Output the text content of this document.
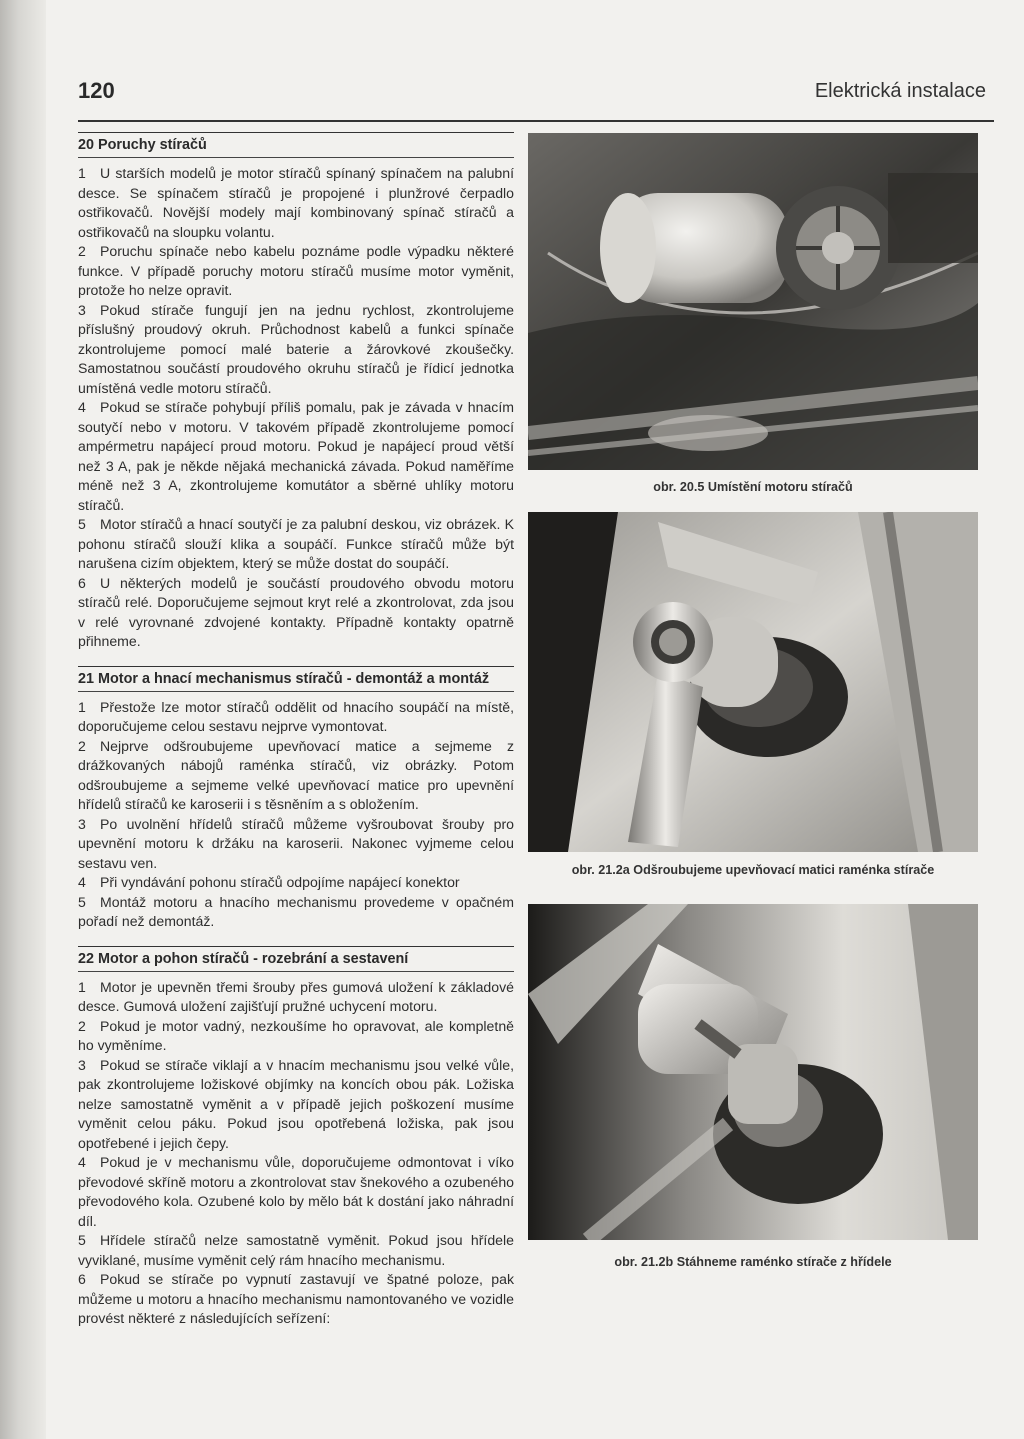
120	Elektrická instalace
20 Poruchy stíračů

1 U starších modelů je motor stíračů spínaný spínačem na palubní desce. Se spínačem stíračů je propojené i plunžrové čerpadlo ostřikovačů. Novější modely mají kombinovaný spínač stíračů a ostřikovačů na sloupku volantu.

2 Poruchu spínače nebo kabelu poznáme podle výpadku některé funkce. V případě poruchy motoru stíračů musíme motor vyměnit, protože ho nelze opravit.

3 Pokud stírače fungují jen na jednu rychlost, zkontrolujeme příslušný proudový okruh. Průchodnost kabelů a funkci spínače zkontrolujeme pomocí malé baterie a žárovkové zkoušečky. Samostatnou součástí proudového okruhu stíračů je řídicí jednotka umístěná vedle motoru stíračů.

4 Pokud se stírače pohybují příliš pomalu, pak je závada v hnacím soutyčí nebo v motoru. V takovém případě zkontrolujeme pomocí ampérmetru napájecí proud motoru. Pokud je napájecí proud větší než 3 A, pak je někde nějaká mechanická závada. Pokud naměříme méně než 3 A, zkontrolujeme komutátor a sběrné uhlíky motoru stíračů.

5 Motor stíračů a hnací soutyčí je za palubní deskou, viz obrázek. K pohonu stíračů slouží klika a soupáčí. Funkce stíračů může být narušena cizím objektem, který se může dostat do soupáčí.

6 U některých modelů je součástí proudového obvodu motoru stíračů relé. Doporučujeme sejmout kryt relé a zkontrolovat, zda jsou v relé vyrovnané zdvojené kontakty. Případně kontakty opatrně přihneme.

21 Motor a hnací mechanismus stíračů - demontáž a montáž

1 Přestože lze motor stíračů oddělit od hnacího soupáčí na místě, doporučujeme celou sestavu nejprve vymontovat.

2 Nejprve odšroubujeme upevňovací matice a sejmeme z drážkovaných nábojů raménka stíračů, viz obrázky. Potom odšroubujeme a sejmeme velké upevňovací matice pro upevnění hřídelů stíračů ke karoserii i s těsněním a s obložením.

3 Po uvolnění hřídelů stíračů můžeme vyšroubovat šrouby pro upevnění motoru k držáku na karoserii. Nakonec vyjmeme celou sestavu ven.

4 Při vyndávání pohonu stíračů odpojíme napájecí konektor

5 Montáž motoru a hnacího mechanismu provedeme v opačném pořadí než demontáž.

22 Motor a pohon stíračů - rozebrání a sestavení

1 Motor je upevněn třemi šrouby přes gumová uložení k základové desce. Gumová uložení zajišťují pružné uchycení motoru.

2 Pokud je motor vadný, nezkoušíme ho opravovat, ale kompletně ho vyměníme.

3 Pokud se stírače viklají a v hnacím mechanismu jsou velké vůle, pak zkontrolujeme ložiskové objímky na koncích obou pák. Ložiska nelze samostatně vyměnit a v případě jejich poškození musíme vyměnit celou páku. Pokud jsou opotřebená ložiska, pak jsou opotřebené i jejich čepy.

4 Pokud je v mechanismu vůle, doporučujeme odmontovat i víko převodové skříně motoru a zkontrolovat stav šnekového a ozubeného převodového kola. Ozubené kolo by mělo bát k dostání jako náhradní díl.

5 Hřídele stíračů nelze samostatně vyměnit. Pokud jsou hřídele vyviklané, musíme vyměnit celý rám hnacího mechanismu.

6 Pokud se stírače po vypnutí zastavují ve špatné poloze, pak můžeme u motoru a hnacího mechanismu namontovaného ve vozidle provést některé z následujících seřízení:

obr. 20.5 Umístění motoru stíračů
obr. 21.2a Odšroubujeme upevňovací matici raménka stírače
obr. 21.2b Stáhneme raménko stírače z hřídele
